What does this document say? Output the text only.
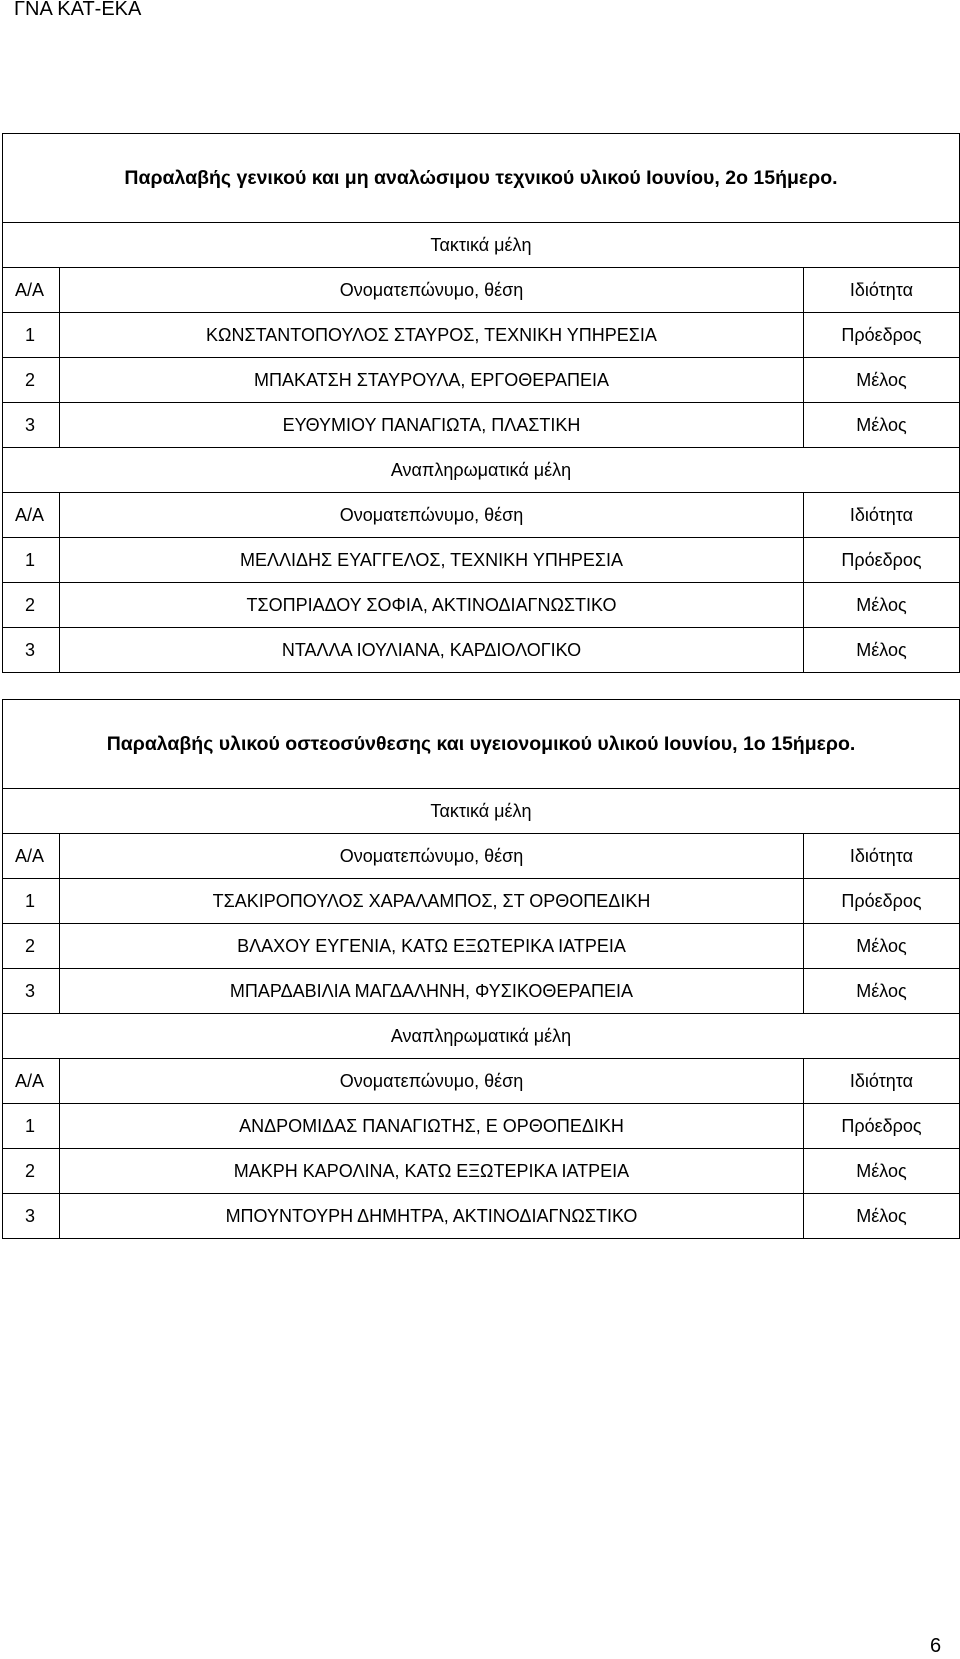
ΓΝΑ ΚΑΤ-ΕΚΑ
Παραλαβής γενικού και μη αναλώσιμου τεχνικού υλικού Ιουνίου, 2ο 15ήμερο.		
Τακτικά μέλη		
Α/Α	Ονοματεπώνυμο, θέση	Ιδιότητα
1	ΚΩΝΣΤΑΝΤΟΠΟΥΛΟΣ ΣΤΑΥΡΟΣ, ΤΕΧΝΙΚΗ ΥΠΗΡΕΣΙΑ	Πρόεδρος
2	ΜΠΑΚΑΤΣΗ ΣΤΑΥΡΟΥΛΑ, ΕΡΓΟΘΕΡΑΠΕΙΑ	Μέλος
3	ΕΥΘΥΜΙΟΥ ΠΑΝΑΓΙΩΤΑ, ΠΛΑΣΤΙΚΗ	Μέλος
Αναπληρωματικά μέλη		
Α/Α	Ονοματεπώνυμο, θέση	Ιδιότητα
1	ΜΕΛΛΙΔΗΣ ΕΥΑΓΓΕΛΟΣ, ΤΕΧΝΙΚΗ ΥΠΗΡΕΣΙΑ	Πρόεδρος
2	ΤΣΟΠΡΙΑΔΟΥ ΣΟΦΙΑ, ΑΚΤΙΝΟΔΙΑΓΝΩΣΤΙΚΟ	Μέλος
3	ΝΤΑΛΛΑ ΙΟΥΛΙΑΝΑ, ΚΑΡΔΙΟΛΟΓΙΚΟ	Μέλος
Παραλαβής υλικού οστεοσύνθεσης και υγειονομικού υλικού Ιουνίου, 1ο 15ήμερο.		
Τακτικά μέλη		
Α/Α	Ονοματεπώνυμο, θέση	Ιδιότητα
1	ΤΣΑΚΙΡΟΠΟΥΛΟΣ ΧΑΡΑΛΑΜΠΟΣ, ΣΤ ΟΡΘΟΠΕΔΙΚΗ	Πρόεδρος
2	ΒΛΑΧΟΥ ΕΥΓΕΝΙΑ, ΚΑΤΩ ΕΞΩΤΕΡΙΚΑ ΙΑΤΡΕΙΑ	Μέλος
3	ΜΠΑΡΔΑΒΙΛΙΑ ΜΑΓΔΑΛΗΝΗ, ΦΥΣΙΚΟΘΕΡΑΠΕΙΑ	Μέλος
Αναπληρωματικά μέλη		
Α/Α	Ονοματεπώνυμο, θέση	Ιδιότητα
1	ΑΝΔΡΟΜΙΔΑΣ ΠΑΝΑΓΙΩΤΗΣ, Ε ΟΡΘΟΠΕΔΙΚΗ	Πρόεδρος
2	ΜΑΚΡΗ ΚΑΡΟΛΙΝΑ, ΚΑΤΩ ΕΞΩΤΕΡΙΚΑ ΙΑΤΡΕΙΑ	Μέλος
3	ΜΠΟΥΝΤΟΥΡΗ ΔΗΜΗΤΡΑ, ΑΚΤΙΝΟΔΙΑΓΝΩΣΤΙΚΟ	Μέλος
6
